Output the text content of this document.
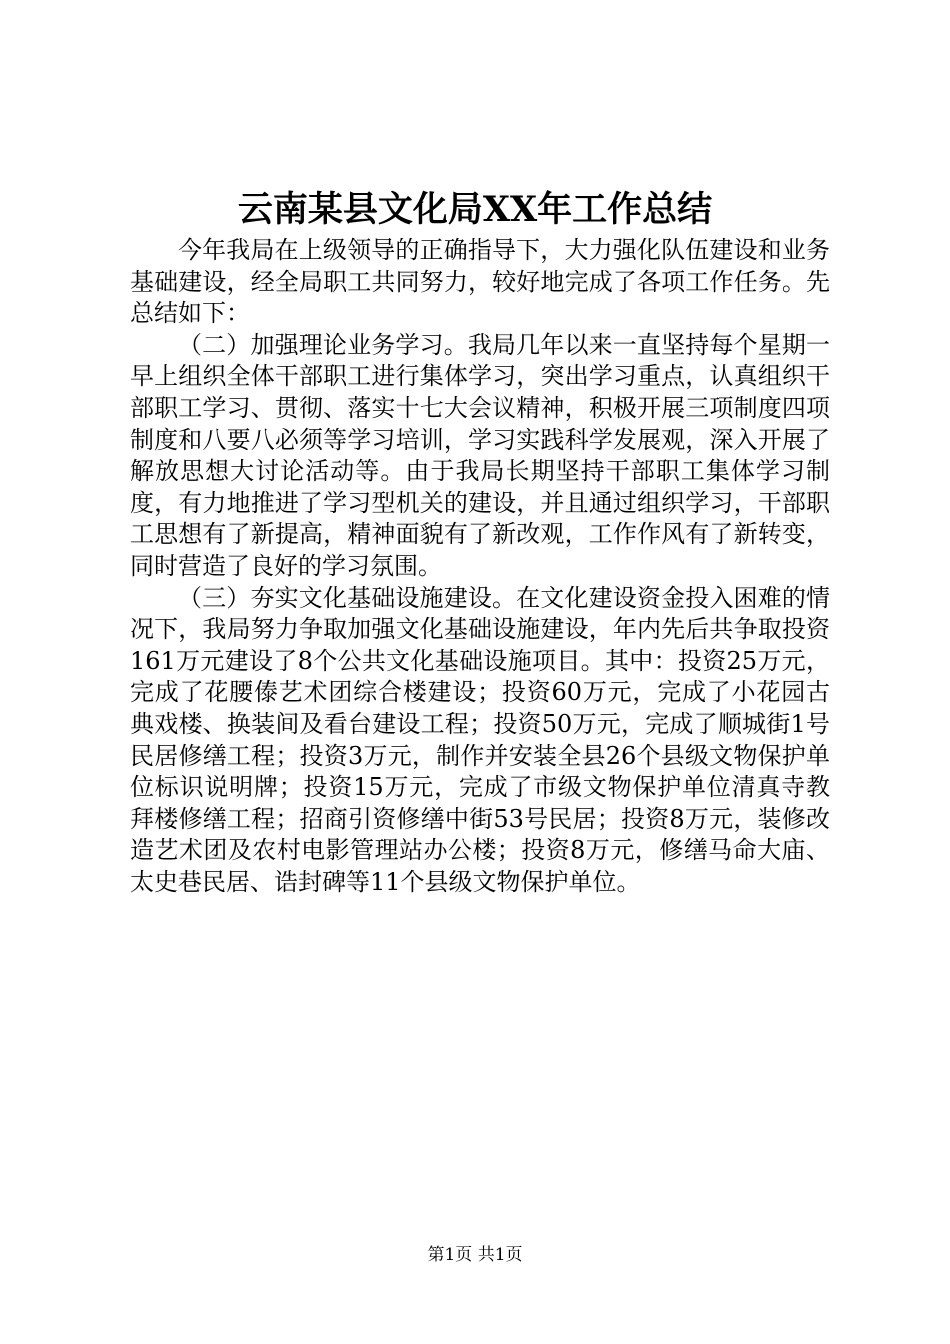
云南某县文化局XX年工作总结

今年我局在上级领导的正确指导下，大力强化队伍建设和业务基础建设，经全局职工共同努力，较好地完成了各项工作任务。先总结如下：

（二）加强理论业务学习。我局几年以来一直坚持每个星期一早上组织全体干部职工进行集体学习，突出学习重点，认真组织干部职工学习、贯彻、落实十七大会议精神，积极开展三项制度四项制度和八要八必须等学习培训，学习实践科学发展观，深入开展了解放思想大讨论活动等。由于我局长期坚持干部职工集体学习制度，有力地推进了学习型机关的建设，并且通过组织学习，干部职工思想有了新提高，精神面貌有了新改观，工作作风有了新转变，同时营造了良好的学习氛围。

（三）夯实文化基础设施建设。在文化建设资金投入困难的情况下，我局努力争取加强文化基础设施建设，年内先后共争取投资161万元建设了8个公共文化基础设施项目。其中：投资25万元，完成了花腰傣艺术团综合楼建设；投资60万元，完成了小花园古典戏楼、换装间及看台建设工程；投资50万元，完成了顺城街1号民居修缮工程；投资3万元，制作并安装全县26个县级文物保护单位标识说明牌；投资15万元，完成了市级文物保护单位清真寺教拜楼修缮工程；招商引资修缮中街53号民居；投资8万元，装修改造艺术团及农村电影管理站办公楼；投资8万元，修缮马命大庙、太史巷民居、诰封碑等11个县级文物保护单位。

第1页 共1页
